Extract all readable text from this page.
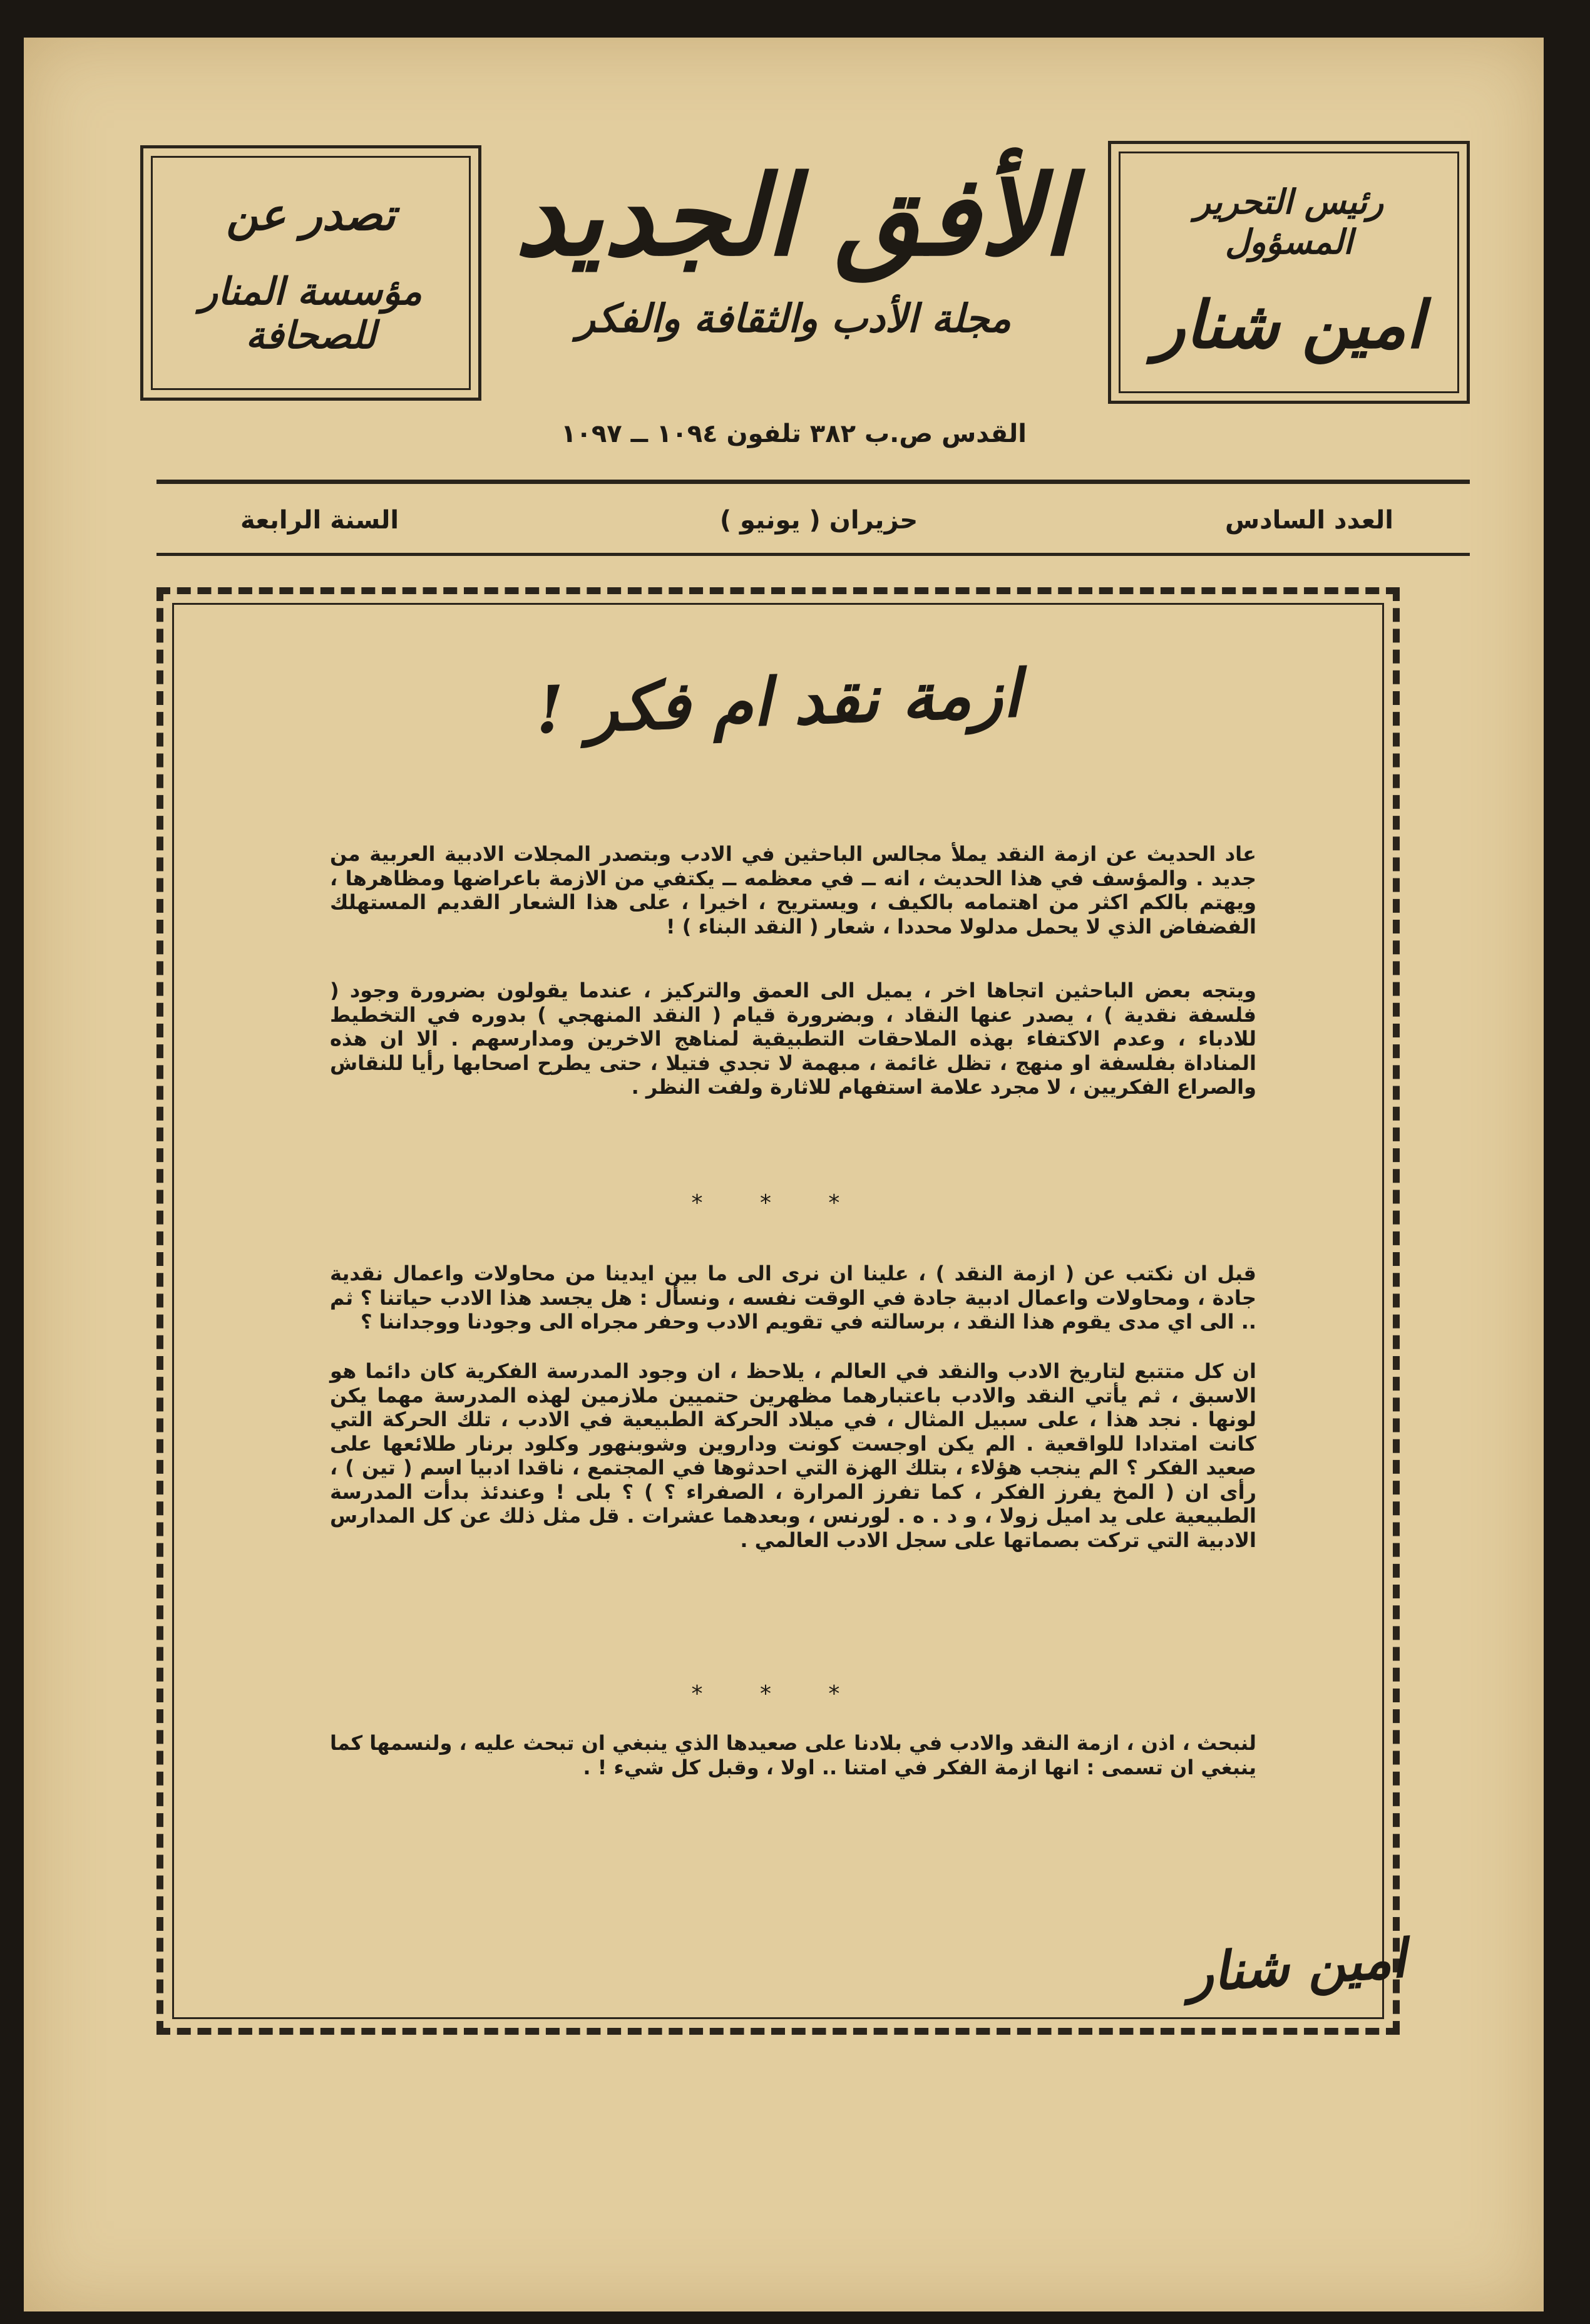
رئيس التحرير المسؤول
امين شنار
تصدر عن
مؤسسة المنار للصحافة
الأفق الجديد
مجلة الأدب والثقافة والفكر
القدس ص.ب ٣٨٢ تلفون ١٠٩٤ ــ ١٠٩٧
العدد السادس
حزيران ( يونيو )
السنة الرابعة
ازمة نقد ام فكر !

عاد الحديث عن ازمة النقد يملأ مجالس الباحثين في الادب وبتصدر المجلات الادبية العربية من جديد . والمؤسف في هذا الحديث ، انه ــ في معظمه ــ يكتفي من الازمة باعراضها ومظاهرها ، ويهتم بالكم اكثر من اهتمامه بالكيف ، ويستريح ، اخيرا ، على هذا الشعار القديم المستهلك الفضفاض الذي لا يحمل مدلولا محددا ، شعار ( النقد البناء ) !

ويتجه بعض الباحثين اتجاها اخر ، يميل الى العمق والتركيز ، عندما يقولون بضرورة وجود ( فلسفة نقدية ) ، يصدر عنها النقاد ، وبضرورة قيام ( النقد المنهجي ) بدوره في التخطيط للادباء ، وعدم الاكتفاء بهذه الملاحقات التطبيقية لمناهج الاخرين ومدارسهم . الا ان هذه المناداة بفلسفة او منهج ، تظل غائمة ، مبهمة لا تجدي فتيلا ، حتى يطرح اصحابها رأيا للنقاش والصراع الفكريين ، لا مجرد علامة استفهام للاثارة ولفت النظر .

* * *

قبل ان نكتب عن ( ازمة النقد ) ، علينا ان نرى الى ما بين ايدينا من محاولات واعمال نقدية جادة ، ومحاولات واعمال ادبية جادة في الوقت نفسه ، ونسأل : هل يجسد هذا الادب حياتنا ؟ ثم .. الى اي مدى يقوم هذا النقد ، برسالته في تقويم الادب وحفر مجراه الى وجودنا ووجداننا ؟

ان كل متتبع لتاريخ الادب والنقد في العالم ، يلاحظ ، ان وجود المدرسة الفكرية كان دائما هو الاسبق ، ثم يأتي النقد والادب باعتبارهما مظهرين حتميين ملازمين لهذه المدرسة مهما يكن لونها . نجد هذا ، على سبيل المثال ، في ميلاد الحركة الطبيعية في الادب ، تلك الحركة التي كانت امتدادا للواقعية . الم يكن اوجست كونت وداروين وشوبنهور وكلود برنار طلائعها على صعيد الفكر ؟ الم ينجب هؤلاء ، بتلك الهزة التي احدثوها في المجتمع ، ناقدا ادبيا اسم ( تين ) ، رأى ان ( المخ يفرز الفكر ، كما تفرز المرارة ، الصفراء ؟ ) ؟ بلى ! وعندئذ بدأت المدرسة الطبيعية على يد اميل زولا ، و د . ه . لورنس ، وبعدهما عشرات . قل مثل ذلك عن كل المدارس الادبية التي تركت بصماتها على سجل الادب العالمي .

* * *

لنبحث ، اذن ، ازمة النقد والادب في بلادنا على صعيدها الذي ينبغي ان تبحث عليه ، ولنسمها كما ينبغي ان تسمى : انها ازمة الفكر في امتنا .. اولا ، وقبل كل شيء ! .

امين شنار
